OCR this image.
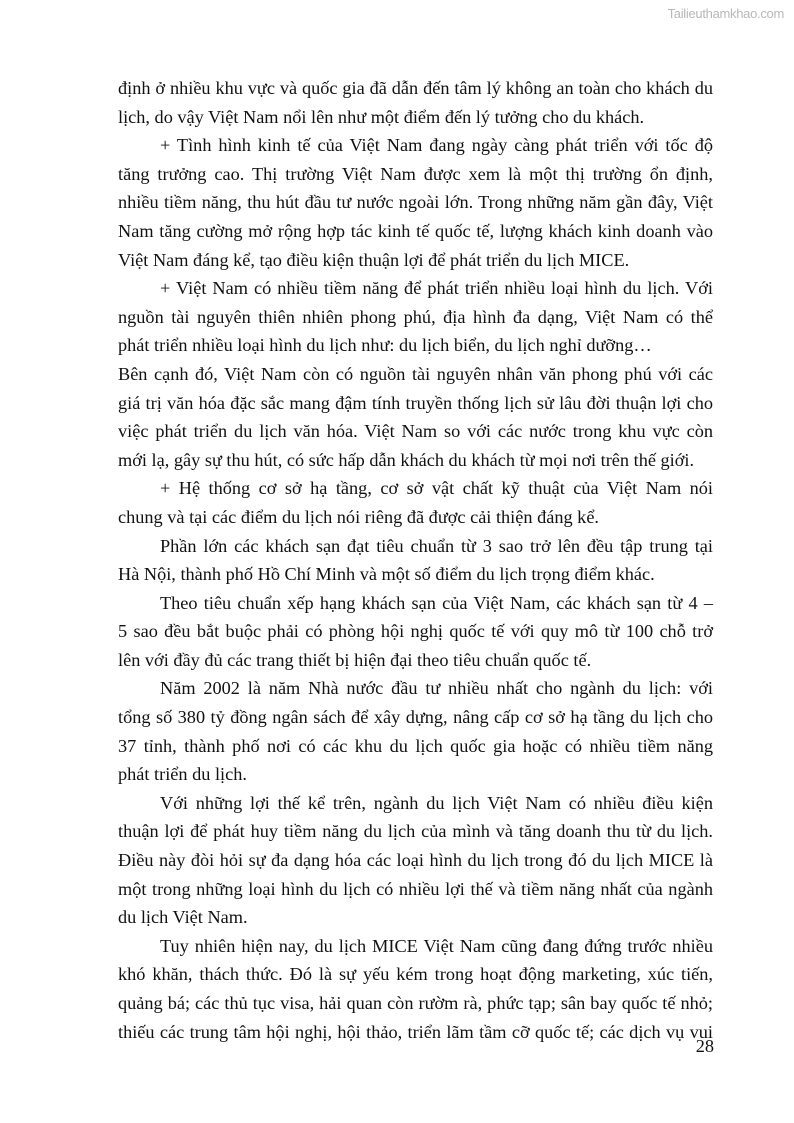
Tailieuthamkhao.com
định ở nhiều khu vực và quốc gia đã dẫn đến tâm lý không an toàn cho khách du
lịch, do vậy Việt Nam nổi lên như một điểm đến lý tưởng cho du khách.
+ Tình hình kinh tế của Việt Nam đang ngày càng phát triển với tốc độ
tăng trưởng cao. Thị trường Việt Nam được xem là một thị trường ổn định,
nhiều tiềm năng, thu hút đầu tư nước ngoài lớn. Trong những năm gần đây, Việt
Nam tăng cường mở rộng hợp tác kinh tế quốc tế, lượng khách kinh doanh vào
Việt Nam đáng kể, tạo điều kiện thuận lợi để phát triển du lịch MICE.
+ Việt Nam có nhiều tiềm năng để phát triển nhiều loại hình du lịch. Với
nguồn tài nguyên thiên nhiên phong phú, địa hình đa dạng, Việt Nam có thể
phát triển nhiều loại hình du lịch như: du lịch biển, du lịch nghỉ dưỡng…
Bên cạnh đó, Việt Nam còn có nguồn tài nguyên nhân văn phong phú với các
giá trị văn hóa đặc sắc mang đậm tính truyền thống lịch sử lâu đời thuận lợi cho
việc phát triển du lịch văn hóa. Việt Nam so với các nước trong khu vực còn
mới lạ, gây sự thu hút, có sức hấp dẫn khách du khách từ mọi nơi trên thế giới.
+ Hệ thống cơ sở hạ tầng, cơ sở vật chất kỹ thuật của Việt Nam nói
chung và tại các điểm du lịch nói riêng đã được cải thiện đáng kể.
Phần lớn các khách sạn đạt tiêu chuẩn từ 3 sao trở lên đều tập trung tại
Hà Nội, thành phố Hồ Chí Minh và một số điểm du lịch trọng điểm khác.
Theo tiêu chuẩn xếp hạng khách sạn của Việt Nam, các khách sạn từ 4 –
5 sao đều bắt buộc phải có phòng hội nghị quốc tế với quy mô từ 100 chỗ trở
lên với đầy đủ các trang thiết bị hiện đại theo tiêu chuẩn quốc tế.
Năm 2002 là năm Nhà nước đầu tư nhiều nhất cho ngành du lịch: với
tổng số 380 tỷ đồng ngân sách để xây dựng, nâng cấp cơ sở hạ tầng du lịch cho
37 tỉnh, thành phố nơi có các khu du lịch quốc gia hoặc có nhiều tiềm năng
phát triển du lịch.
Với những lợi thế kể trên, ngành du lịch Việt Nam có nhiều điều kiện
thuận lợi để phát huy tiềm năng du lịch của mình và tăng doanh thu từ du lịch.
Điều này đòi hỏi sự đa dạng hóa các loại hình du lịch trong đó du lịch MICE là
một trong những loại hình du lịch có nhiều lợi thế và tiềm năng nhất của ngành
du lịch Việt Nam.
Tuy nhiên hiện nay, du lịch MICE Việt Nam cũng đang đứng trước nhiều
khó khăn, thách thức. Đó là sự yếu kém trong hoạt động marketing, xúc tiến,
quảng bá; các thủ tục visa, hải quan còn rườm rà, phức tạp; sân bay quốc tế nhỏ;
thiếu các trung tâm hội nghị, hội thảo, triển lãm tầm cỡ quốc tế; các dịch vụ vui
28
